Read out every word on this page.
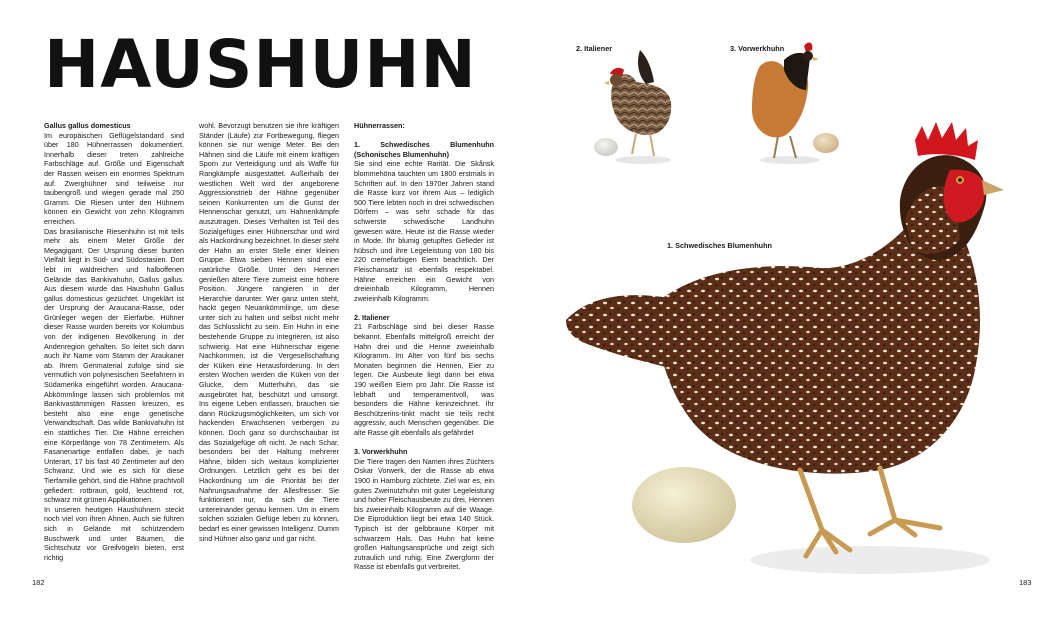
HAUSHUHN

Gallus gallus domesticus

Im europäischen Geflügelstandard sind über 180 Hühnerrassen dokumentiert. Innerhalb dieser treten zahlreiche Farbschläge auf. Größe und Eigenschaft der Rassen weisen ein enormes Spektrum auf. Zwerghühner sind teilweise nur taubengroß und wiegen gerade mal 250 Gramm. Die Riesen unter den Hühnern können ein Gewicht von zehn Kilogramm erreichen.

Das brasilianische Riesenhuhn ist mit teils mehr als einem Meter Größe der Megagigant. Der Ursprung dieser bunten Vielfalt liegt in Süd- und Südostasien. Dort lebt im waldreichen und halboffenen Gelände das Bankivahuhn, Gallus gallus. Aus diesem wurde das Haushuhn Gallus gallus domesticus gezüchtet. Ungeklärt ist der Ursprung der Araucana-Rasse, oder Grünleger wegen der Eierfarbe. Hühner dieser Rasse wurden bereits vor Kolumbus von der indigenen Bevölkerung in der Andenregion gehalten. So leitet sich dann auch ihr Name vom Stamm der Araukaner ab. Ihrem Genmaterial zufolge sind sie vermutlich von polynesischen Seefahrern in Südamerika eingeführt worden. Araucana-Abkömmlinge lassen sich problemlos mit Bankivastämmigen Rassen kreuzen, es besteht also eine enge genetische Verwandtschaft. Das wilde Bankivahuhn ist ein stattliches Tier. Die Hähne erreichen eine Körperlänge von 78 Zentimetern. Als Fasanenartige entfallen dabei, je nach Unterart, 17 bis fast 40 Zentimeter auf den Schwanz. Und wie es sich für diese Tierfamilie gehört, sind die Hähne prachtvoll gefiedert: rotbraun, gold, leuchtend rot, schwarz mit grünen Applikationen.

In unseren heutigen Haushühnern steckt noch viel von ihren Ahnen. Auch sie führen sich in Gelände mit schützendem Buschwerk und unter Bäumen, die Sichtschutz vor Greifvögeln bieten, erst richtig

wohl. Bevorzugt benutzen sie ihre kräftigen Ständer (Läufe) zur Fortbewegung, fliegen können sie nur wenige Meter. Bei den Hähnen sind die Läufe mit einem kräftigen Sporn zur Verteidigung und als Waffe für Rangkämpfe ausgestattet. Außerhalb der westlichen Welt wird der angeborene Aggressionstrieb der Hähne gegenüber seinen Konkurrenten um die Gunst der Hennenschar genutzt, um Hahnenkämpfe auszutragen. Dieses Verhalten ist Teil des Sozialgefüges einer Hühnerschar und wird als Hackordnung bezeichnet. In dieser steht der Hahn an erster Stelle einer kleinen Gruppe. Etwa sieben Hennen sind eine natürliche Größe. Unter den Hennen genießen ältere Tiere zumeist eine höhere Position. Jüngere rangieren in der Hierarchie darunter. Wer ganz unten steht, hackt gegen Neuankömmlinge, um diese unter sich zu halten und selbst nicht mehr das Schlusslicht zu sein. Ein Huhn in eine bestehende Gruppe zu integrieren, ist also schwierig. Hat eine Hühnerschar eigene Nachkommen, ist die Vergesellschaftung der Küken eine Herausforderung. In den ersten Wochen werden die Küken von der Glucke, dem Mutterhuhn, das sie ausgebrütet hat, beschützt und umsorgt. Ins eigene Leben entlassen, brauchen sie dann Rückzugsmöglichkeiten, um sich vor hackenden Erwachsenen verbergen zu können. Doch ganz so durchschaubar ist das Sozialgefüge oft nicht. Je nach Schar, besonders bei der Haltung mehrerer Hähne, bilden sich weitaus komplizierter Ordnungen. Letztlich geht es bei der Hackordnung um die Priorität bei der Nahrungsaufnahme der Allesfresser. Sie funktioniert nur, da sich die Tiere untereinander genau kennen. Um in einem solchen sozialen Gefüge leben zu können, bedarf es einer gewissen Intelligenz. Dumm sind Hühner also ganz und gar nicht.

Hühnerrassen:

1. Schwedisches Blumenhuhn (Schonisches Blumenhuhn)

Sie sind eine echte Rarität. Die Skånsk blommehöna tauchten um 1800 erstmals in Schriften auf. In den 1970er Jahren stand die Rasse kurz vor ihrem Aus – lediglich 500 Tiere lebten noch in drei schwedischen Dörfern – was sehr schade für das schwerste schwedische Landhuhn gewesen wäre. Heute ist die Rasse wieder in Mode. Ihr blumig getupftes Gefieder ist hübsch und ihre Legeleistung von 180 bis 220 cremefarbigen Eiern beachtlich. Der Fleischansatz ist ebenfalls respektabel. Hähne erreichen ein Gewicht von dreieinhalb Kilogramm, Hennen zweieinhalb Kilogramm.

2. Italiener

21 Farbschläge sind bei dieser Rasse bekannt. Ebenfalls mittelgroß erreicht der Hahn drei und die Henne zweieinhalb Kilogramm. Im Alter von fünf bis sechs Monaten beginnen die Hennen, Eier zu legen. Die Ausbeute liegt dann bei etwa 190 weißen Eiern pro Jahr. Die Rasse ist lebhaft und temperamentvoll, was besonders die Hähne kennzeichnet. Ihr Beschützerins-tinkt macht sie teils recht aggressiv, auch Menschen gegenüber. Die alte Rasse gilt ebenfalls als gefährdet

3. Vorwerkhuhn

Die Tiere tragen den Namen ihres Züchters Oskar Vorwerk, der die Rasse ab etwa 1900 in Hamburg züchtete. Ziel war es, ein gutes Zweinutzhuhn mit guter Legeleistung und hoher Fleischausbeute zu drei, Hennen bis zweieinhalb Kilogramm auf die Waage. Die Eiproduktion liegt bei etwa 140 Stück. Typisch ist der gelbbraune Körper mit schwarzem Hals. Das Huhn hat keine großen Haltungsansprüche und zeigt sich zutraulich und ruhig. Eine Zwergform der Rasse ist ebenfalls gut verbreitet.

182	183
2. Italiener	3. Vorwerkhuhn
1. Schwedisches Blumenhuhn
